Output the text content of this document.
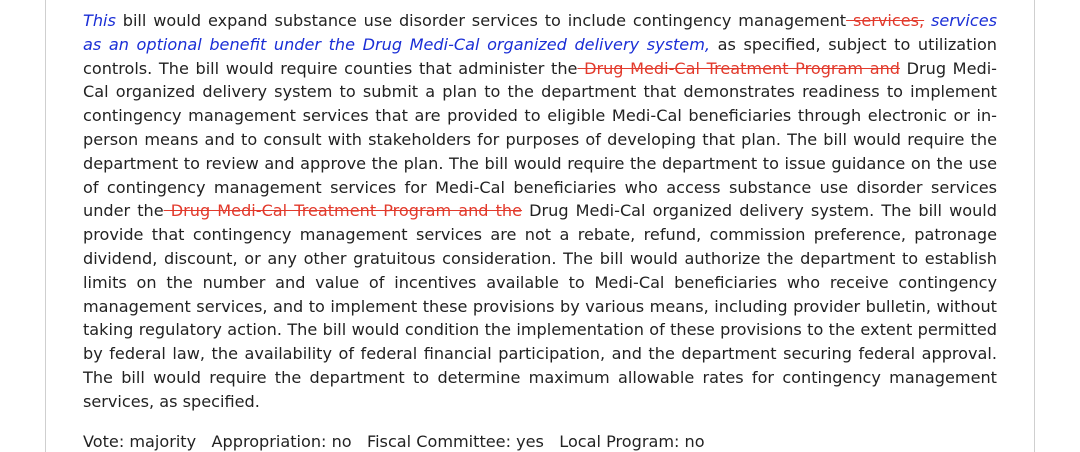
This bill would expand substance use disorder services to include contingency management services, services as an optional benefit under the Drug Medi-Cal organized delivery system, as specified, subject to utilization controls. The bill would require counties that administer the Drug Medi-Cal Treatment Program and Drug Medi-Cal organized delivery system to submit a plan to the department that demonstrates readiness to implement contingency management services that are provided to eligible Medi-Cal beneficiaries through electronic or in-person means and to consult with stakeholders for purposes of developing that plan. The bill would require the department to review and approve the plan. The bill would require the department to issue guidance on the use of contingency management services for Medi-Cal beneficiaries who access substance use disorder services under the Drug Medi-Cal Treatment Program and the Drug Medi-Cal organized delivery system. The bill would provide that contingency management services are not a rebate, refund, commission preference, patronage dividend, discount, or any other gratuitous consideration. The bill would authorize the department to establish limits on the number and value of incentives available to Medi-Cal beneficiaries who receive contingency management services, and to implement these provisions by various means, including provider bulletin, without taking regulatory action. The bill would condition the implementation of these provisions to the extent permitted by federal law, the availability of federal financial participation, and the department securing federal approval. The bill would require the department to determine maximum allowable rates for contingency management services, as specified.

Vote: majority Appropriation: no Fiscal Committee: yes Local Program: no
